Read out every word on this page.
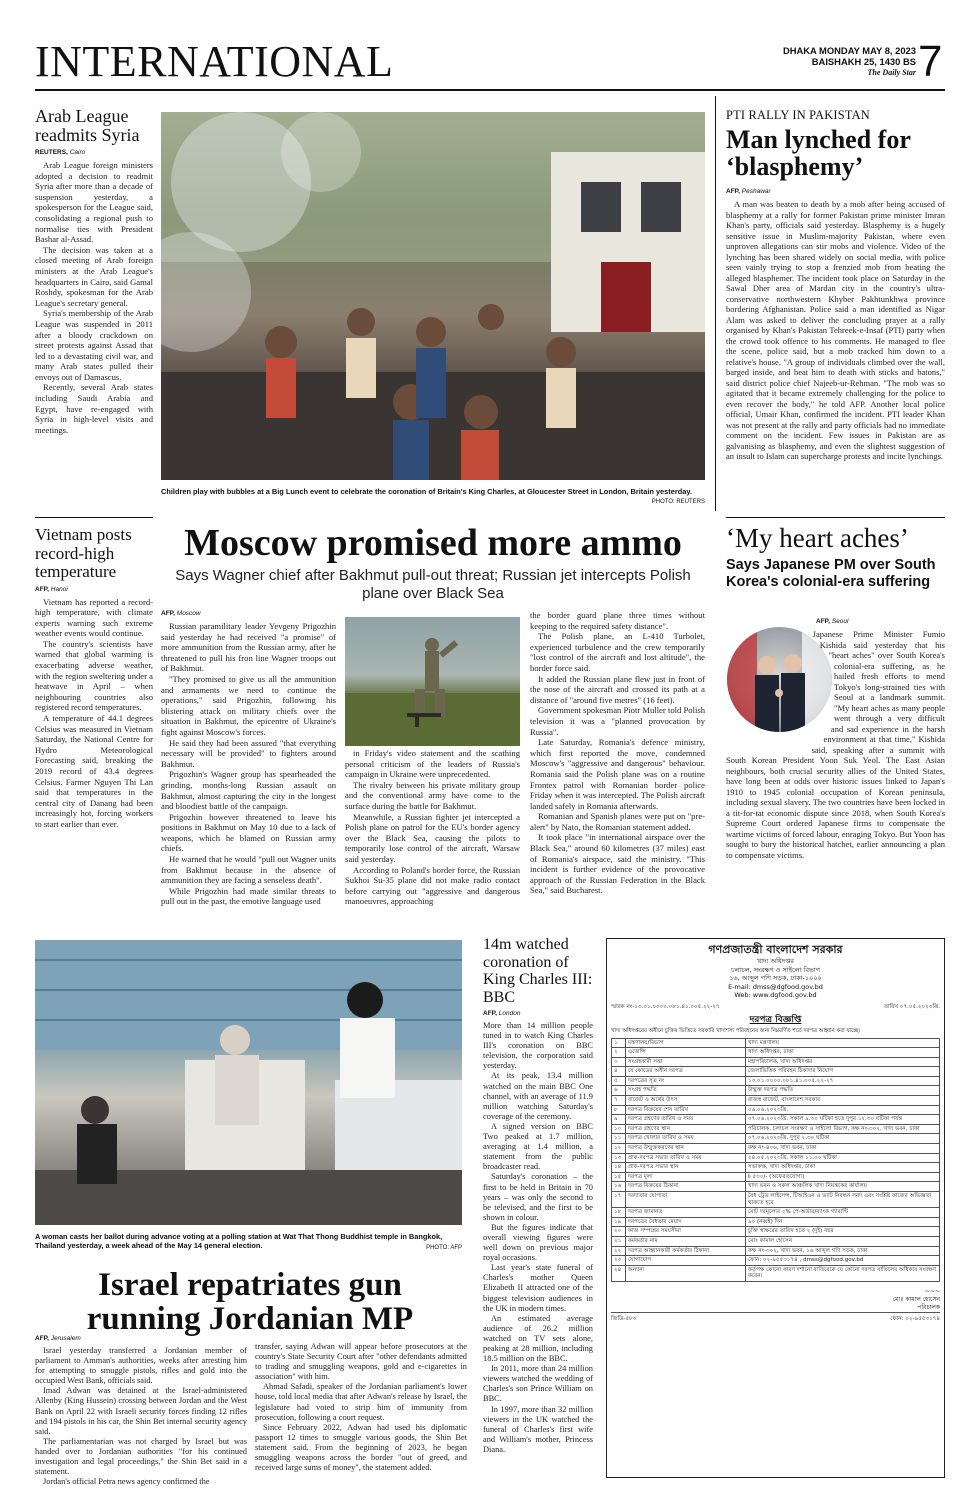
INTERNATIONAL	DHAKA MONDAY MAY 8, 2023
BAISHAKH 25, 1430 BS
The Daily Star 7
Arab League readmits Syria
REUTERS, Cairo

Arab League foreign ministers adopted a decision to readmit Syria after more than a decade of suspension yesterday, a spokesperson for the League said, consolidating a regional push to normalise ties with President Bashar al-Assad.

The decision was taken at a closed meeting of Arab foreign ministers at the Arab League's headquarters in Cairo, said Gamal Roshdy, spokesman for the Arab League's secretary general.

Syria's membership of the Arab League was suspended in 2011 after a bloody crackdown on street protests against Assad that led to a devastating civil war, and many Arab states pulled their envoys out of Damascus.

Recently, several Arab states including Saudi Arabia and Egypt, have re-engaged with Syria in high-level visits and meetings.

Children play with bubbles at a Big Lunch event to celebrate the coronation of Britain's King Charles, at Gloucester Street in London, Britain yesterday.
PHOTO: REUTERS
PTI RALLY IN PAKISTAN
Man lynched for ‘blasphemy’
AFP, Peshawar

A man was beaten to death by a mob after being accused of blasphemy at a rally for former Pakistan prime minister Imran Khan's party, officials said yesterday. Blasphemy is a hugely sensitive issue in Muslim-majority Pakistan, where even unproven allegations can stir mobs and violence. Video of the lynching has been shared widely on social media, with police seen vainly trying to stop a frenzied mob from beating the alleged blasphemer. The incident took place on Saturday in the Sawal Dher area of Mardan city in the country's ultra-conservative northwestern Khyber Pakhtunkhwa province bordering Afghanistan. Police said a man identified as Nigar Alam was asked to deliver the concluding prayer at a rally organised by Khan's Pakistan Tehreek-e-Insaf (PTI) party when the crowd took offence to his comments. He managed to flee the scene, police said, but a mob tracked him down to a relative's house. "A group of individuals climbed over the wall, barged inside, and beat him to death with sticks and batons," said district police chief Najeeb-ur-Rehman. "The mob was so agitated that it became extremely challenging for the police to even recover the body," he told AFP. Another local police official, Umair Khan, confirmed the incident. PTI leader Khan was not present at the rally and party officials had no immediate comment on the incident. Few issues in Pakistan are as galvanising as blasphemy, and even the slightest suggestion of an insult to Islam can supercharge protests and incite lynchings.

Vietnam posts record-high temperature
AFP, Hanoi

Vietnam has reported a record-high temperature, with climate experts warning such extreme weather events would continue.

The country's scientists have warned that global warming is exacerbating adverse weather, with the region sweltering under a heatwave in April – when neighbouring countries also registered record temperatures.

A temperature of 44.1 degrees Celsius was measured in Vietnam Saturday, the National Centre for Hydro Meteorological Forecasting said, breaking the 2019 record of 43.4 degrees Celsius. Farmer Nguyen Thi Lan said that temperatures in the central city of Danang had been increasingly hot, forcing workers to start earlier than ever.

Moscow promised more ammo
Says Wagner chief after Bakhmut pull-out threat; Russian jet intercepts Polish plane over Black Sea
AFP, Moscow

Russian paramilitary leader Yevgeny Prigozhin said yesterday he had received "a promise" of more ammunition from the Russian army, after he threatened to pull his fron line Wagner troops out of Bakhmut.

"They promised to give us all the ammunition and armaments we need to continue the operations," said Prigozhin, following his blistering attack on military chiefs over the situation in Bakhmut, the epicentre of Ukraine's fight against Moscow's forces.

He said they had been assured "that everything necessary will be provided" to fighters around Bakhmut.

Prigozhin's Wagner group has spearheaded the grinding, months-long Russian assault on Bakhmut, almost capturing the city in the longest and bloodiest battle of the campaign.

Prigozhin however threatened to leave his positions in Bakhmut on May 10 due to a lack of weapons, which he blamed on Russian army chiefs.

He warned that he would "pull out Wagner units from Bakhmut because in the absence of ammunition they are facing a senseless death".

While Prigozhin had made similar threats to pull out in the past, the emotive language used

in Friday's video statement and the scathing personal criticism of the leaders of Russia's campaign in Ukraine were unprecedented.

The rivalry between his private military group and the conventional army have come to the surface during the battle for Bakhmut.

Meanwhile, a Russian fighter jet intercepted a Polish plane on patrol for the EU's border agency over the Black Sea, causing the pilots to temporarily lose control of the aircraft, Warsaw said yesterday.

According to Poland's border force, the Russian Sukhoi Su-35 plane did not make radio contact before carrying out "aggressive and dangerous manoeuvres, approaching

the border guard plane three times without keeping to the required safety distance".

The Polish plane, an L-410 Turbolet, experienced turbulence and the crew temporarily "lost control of the aircraft and lost altitude", the border force said.

It added the Russian plane flew just in front of the nose of the aircraft and crossed its path at a distance of "around five metres" (16 feet).

Government spokesman Piotr Muller told Polish television it was a "planned provocation by Russia".

Late Saturday, Romania's defence ministry, which first reported the move, condemned Moscow's "aggressive and dangerous" behaviour. Romania said the Polish plane was on a routine Frontex patrol with Romanian border police Friday when it was intercepted. The Polish aircraft landed safely in Romania afterwards.

Romanian and Spanish planes were put on "pre-alert" by Nato, the Romanian statement added.

It took place "in international airspace over the Black Sea," around 60 kilometres (37 miles) east of Romania's airspace, said the ministry. "This incident is further evidence of the provocative approach of the Russian Federation in the Black Sea," said Bucharest.

‘My heart aches’
Says Japanese PM over South Korea's colonial-era suffering
AFP, Seoul

Japanese Prime Minister Fumio Kishida said yesterday that his "heart aches" over South Korea's colonial-era suffering, as he hailed fresh efforts to mend Tokyo's long-strained ties with Seoul at a landmark summit. "My heart aches as many people went through a very difficult and sad experience in the harsh environment at that time," Kishida said, speaking after a summit with South Korean President Yoon Suk Yeol. The East Asian neighbours, both crucial security allies of the United States, have long been at odds over historic issues linked to Japan's 1910 to 1945 colonial occupation of Korean peninsula, including sexual slavery. The two countries have been locked in a tit-for-tat economic dispute since 2018, when South Korea's Supreme Court ordered Japanese firms to compensate the wartime victims of forced labour, enraging Tokyo. But Yoon has sought to bury the historical hatchet, earlier announcing a plan to compensate victims.

A woman casts her ballot during advance voting at a polling station at Wat That Thong Buddhist temple in Bangkok, Thailand yesterday, a week ahead of the May 14 general election.	PHOTO: AFP
14m watched coronation of King Charles III: BBC
AFP, London

More than 14 million people tuned in to watch King Charles III's coronation on BBC television, the corporation said yesterday.

At its peak, 13.4 million watched on the main BBC One channel, with an average of 11.9 million watching Saturday's coverage of the ceremony.

A signed version on BBC Two peaked at 1.7 million, averaging at 1.4 million, a statement from the public broadcaster read.

Saturday's coronation – the first to be held in Britain in 70 years – was only the second to be televised, and the first to be shown in colour.

But the figures indicate that overall viewing figures were well down on previous major royal occasions.

Last year's state funeral of Charles's mother Queen Elizabeth II attracted one of the biggest television audiences in the UK in modern times.

An estimated average audience of 26.2 million watched on TV sets alone, peaking at 28 million, including 18.5 million on the BBC.

In 2011, more than 24 million viewers watched the wedding of Charles's son Prince William on BBC.

In 1997, more than 32 million viewers in the UK watched the funeral of Charles's first wife and William's mother, Princess Diana.

Israel repatriates gun running Jordanian MP
AFP, Jerusalem

Israel yesterday transferred a Jordanian member of parliament to Amman's authorities, weeks after arresting him for attempting to smuggle pistols, rifles and gold into the occupied West Bank, officials said.

Imad Adwan was detained at the Israel-administered Allenby (King Hussein) crossing between Jordan and the West Bank on April 22 with Israeli security forces finding 12 rifles and 194 pistols in his car, the Shin Bet internal security agency said.

The parliamentarian was not charged by Israel but was handed over to Jordanian authorities "for his continued investigation and legal proceedings," the Shin Bet said in a statement.

Jordan's official Petra news agency confirmed the

transfer, saying Adwan will appear before prosecutors at the country's State Security Court after "other defendants admitted to trading and smuggling weapons, gold and e-cigarettes in association" with him.

Ahmad Safadi, speaker of the Jordanian parliament's lower house, told local media that after Adwan's release by Israel, the legislature had voted to strip him of immunity from prosecution, following a court request.

Since February 2022, Adwan had used his diplomatic passport 12 times to smuggle various goods, the Shin Bet statement said. From the beginning of 2023, he began smuggling weapons across the border "out of greed, and received large sums of money", the statement added.

গণপ্রজাতন্ত্রী বাংলাদেশ সরকার
খাদ্য অধিদপ্তর
চলাচল, সংরক্ষণ ও সাইলো বিভাগ
১৬, আব্দুল গণি সড়ক, ঢাকা-১০০০
E-mail: dmss@dgfood.gov.bd
Web: www.dgfood.gov.bd
স্মারক নং-১৩.০১.০০০০.০৮১.৪১.০০৫.২২-২৭	তারিখ ০৭.০৫.২০২৩খ্রি.
দরপত্র বিজ্ঞপ্তি
খাদ্য অধিদপ্তরের অধীনে চুক্তির ভিত্তিতে সরকারি খাদ্যশস্য পরিবহনের জন্য নিম্নবর্ণিত শর্তে দরপত্র আহ্বান করা যাচ্ছে।
১	মন্ত্রণালয়/বিভাগ	খাদ্য মন্ত্রণালয়
২	এজেন্সি	খাদ্য অধিদপ্তর, ঢাকা
৩	সংগ্রহকারী সত্তা	মহাপরিচালক, খাদ্য অধিদপ্তর
৪	যে কোডের অধীন দরপত্র	জেলাভিত্তিক পরিবহন ঠিকাদার নিয়োগ
৫	দরপত্রের সূত্র নং	১৩.০১.০০০০.০৮১.৪১.০০৫.২২-২৭
৬	সংগ্রহ পদ্ধতি	উন্মুক্ত দরপত্র পদ্ধতি
৭	বাজেট ও অর্থের উৎস	রাজস্ব বাজেট, বাংলাদেশ সরকার
৮	দরপত্র বিক্রয়ের শেষ তারিখ	০৬.০৬.২০২৩খ্রি.
৯	দরপত্র গ্রহণের তারিখ ও সময়	০৭.০৬.২০২৩খ্রি. সকাল ৯.৩০ ঘটিকা হতে দুপুর ১২.৩০ ঘটিকা পর্যন্ত
১০	দরপত্র গ্রহণের স্থান	পরিচালক, চলাচল সংরক্ষণ ও সাইলো বিভাগ, কক্ষ নং-৩০২, খাদ্য ভবন, ঢাকা
১১	দরপত্র খোলার তারিখ ও সময়	০৭.০৬.২০২৩খ্রি. দুপুর ২.৩০ ঘটিকা
১২	দরপত্র উন্মুক্তকরণের স্থান	কক্ষ নং-৪০৬, খাদ্য ভবন, ঢাকা
১৩	প্রাক-দরপত্র সভার তারিখ ও সময়	২৪.০৫.২০২৩খ্রি. সকাল ১১.০০ ঘটিকা
১৪	প্রাক-দরপত্র সভার স্থান	সভাকক্ষ, খাদ্য অধিদপ্তর, ঢাকা
১৫	দরপত্র মূল্য	৳ ৫০০/- (অফেরতযোগ্য)
১৬	দরপত্র বিক্রয়ের ঠিকানা	খাদ্য ভবন ও সকল আঞ্চলিক খাদ্য নিয়ন্ত্রকের কার্যালয়
১৭	দরদাতার যোগ্যতা	বৈধ ট্রেড লাইসেন্স, টিআইএন ও ভ্যাট নিবন্ধন সনদ এবং সংশ্লিষ্ট কাজের অভিজ্ঞতা থাকতে হবে
১৮	দরপত্র জামানত	মোট দরমূল্যের ২% পে-অর্ডার/ব্যাংক গ্যারান্টি
১৯	দরপত্রের বৈধতার মেয়াদ	৯০ (নব্বই) দিন
২০	কাজ সম্পন্নের সময়সীমা	চুক্তি স্বাক্ষরের তারিখ হতে ২ (দুই) বছর
২১	কর্মকর্তার নাম	মোঃ কামাল হোসেন
২২	দরপত্র আহ্বানকারী কর্মকর্তার ঠিকানা	কক্ষ নং-৩০২, খাদ্য ভবন, ১৬ আব্দুল গণি সড়ক, ঢাকা
২৩	যোগাযোগ	ফোন: ০২-৯৫৫৩১৭৪ , dmss@dgfood.gov.bd
২৪	অন্যান্য	কর্তৃপক্ষ কোনো কারণ দর্শানো ব্যতিরেকে যে কোনো দরপত্র বাতিলের অধিকার সংরক্ষণ করেন।
~~~
মোঃ কামাল হোসেন
পরিচালক
জিডি-৫৮৩	ফোন: ০২-৯৫৫৩১৭৪
